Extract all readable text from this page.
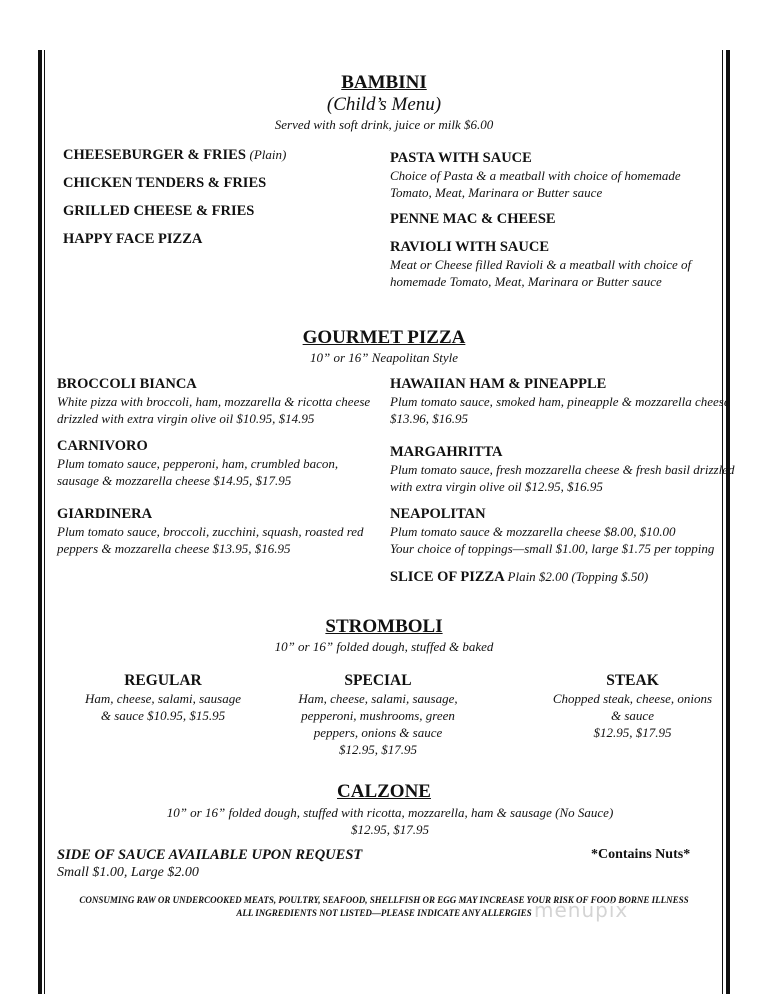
BAMBINI
(Child’s Menu)
Served with soft drink, juice or milk $6.00
CHEESEBURGER & FRIES (Plain)
CHICKEN TENDERS & FRIES
GRILLED CHEESE & FRIES
HAPPY FACE PIZZA
PASTA WITH SAUCE
Choice of Pasta & a meatball with choice of homemade
Tomato, Meat, Marinara or Butter sauce
PENNE MAC & CHEESE
RAVIOLI WITH SAUCE
Meat or Cheese filled Ravioli & a meatball with choice of
homemade Tomato, Meat, Marinara or Butter sauce
GOURMET PIZZA
10” or 16” Neapolitan Style
BROCCOLI BIANCA
White pizza with broccoli, ham, mozzarella & ricotta cheese
drizzled with extra virgin olive oil $10.95, $14.95
CARNIVORO
Plum tomato sauce, pepperoni, ham, crumbled bacon,
sausage & mozzarella cheese $14.95, $17.95
GIARDINERA
Plum tomato sauce, broccoli, zucchini, squash, roasted red
peppers & mozzarella cheese $13.95, $16.95
HAWAIIAN HAM & PINEAPPLE
Plum tomato sauce, smoked ham, pineapple & mozzarella cheese
$13.96, $16.95
MARGAHRITTA
Plum tomato sauce, fresh mozzarella cheese & fresh basil drizzled
with extra virgin olive oil $12.95, $16.95
NEAPOLITAN
Plum tomato sauce & mozzarella cheese $8.00, $10.00
Your choice of toppings—small $1.00, large $1.75 per topping
SLICE OF PIZZA Plain $2.00 (Topping $.50)
STROMBOLI
10” or 16” folded dough, stuffed & baked
REGULAR
Ham, cheese, salami, sausage
& sauce $10.95, $15.95
SPECIAL
Ham, cheese, salami, sausage,
pepperoni, mushrooms, green
peppers, onions & sauce
$12.95, $17.95
STEAK
Chopped steak, cheese, onions
& sauce
$12.95, $17.95
CALZONE
10” or 16” folded dough, stuffed with ricotta, mozzarella, ham & sausage (No Sauce)
$12.95, $17.95
SIDE OF SAUCE AVAILABLE UPON REQUEST
Small $1.00, Large $2.00
*Contains Nuts*
CONSUMING RAW OR UNDERCOOKED MEATS, POULTRY, SEAFOOD, SHELLFISH OR EGG MAY INCREASE YOUR RISK OF FOOD BORNE ILLNESS
ALL INGREDIENTS NOT LISTED—PLEASE INDICATE ANY ALLERGIES menupix
